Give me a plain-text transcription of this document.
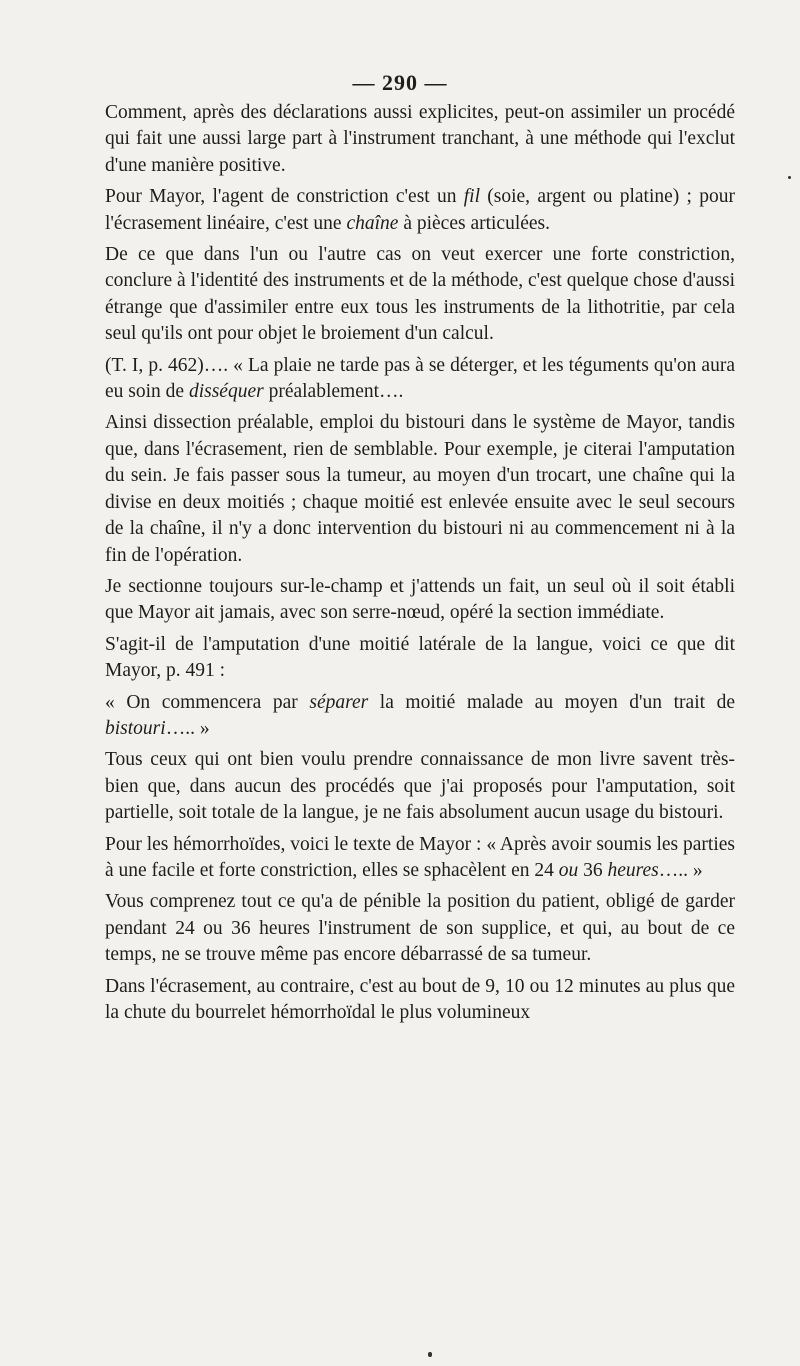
— 290 —

Comment, après des déclarations aussi explicites, peut-on assimiler un procédé qui fait une aussi large part à l'instrument tranchant, à une méthode qui l'exclut d'une manière positive.

Pour Mayor, l'agent de constriction c'est un fil (soie, argent ou platine) ; pour l'écrasement linéaire, c'est une chaîne à pièces articulées.

De ce que dans l'un ou l'autre cas on veut exercer une forte constriction, conclure à l'identité des instruments et de la méthode, c'est quelque chose d'aussi étrange que d'assimiler entre eux tous les instruments de la lithotritie, par cela seul qu'ils ont pour objet le broiement d'un calcul.

(T. I, p. 462)…. « La plaie ne tarde pas à se déterger, et les téguments qu'on aura eu soin de disséquer préalablement….

Ainsi dissection préalable, emploi du bistouri dans le système de Mayor, tandis que, dans l'écrasement, rien de semblable. Pour exemple, je citerai l'amputation du sein. Je fais passer sous la tumeur, au moyen d'un trocart, une chaîne qui la divise en deux moitiés ; chaque moitié est enlevée ensuite avec le seul secours de la chaîne, il n'y a donc intervention du bistouri ni au commencement ni à la fin de l'opération.

Je sectionne toujours sur-le-champ et j'attends un fait, un seul où il soit établi que Mayor ait jamais, avec son serre-nœud, opéré la section immédiate.

S'agit-il de l'amputation d'une moitié latérale de la langue, voici ce que dit Mayor, p. 491 :

« On commencera par séparer la moitié malade au moyen d'un trait de bistouri….. »

Tous ceux qui ont bien voulu prendre connaissance de mon livre savent très-bien que, dans aucun des procédés que j'ai proposés pour l'amputation, soit partielle, soit totale de la langue, je ne fais absolument aucun usage du bistouri.

Pour les hémorrhoïdes, voici le texte de Mayor : « Après avoir soumis les parties à une facile et forte constriction, elles se sphacèlent en 24 ou 36 heures….. »

Vous comprenez tout ce qu'a de pénible la position du patient, obligé de garder pendant 24 ou 36 heures l'instrument de son supplice, et qui, au bout de ce temps, ne se trouve même pas encore débarrassé de sa tumeur.

Dans l'écrasement, au contraire, c'est au bout de 9, 10 ou 12 minutes au plus que la chute du bourrelet hémorrhoïdal le plus volumineux
